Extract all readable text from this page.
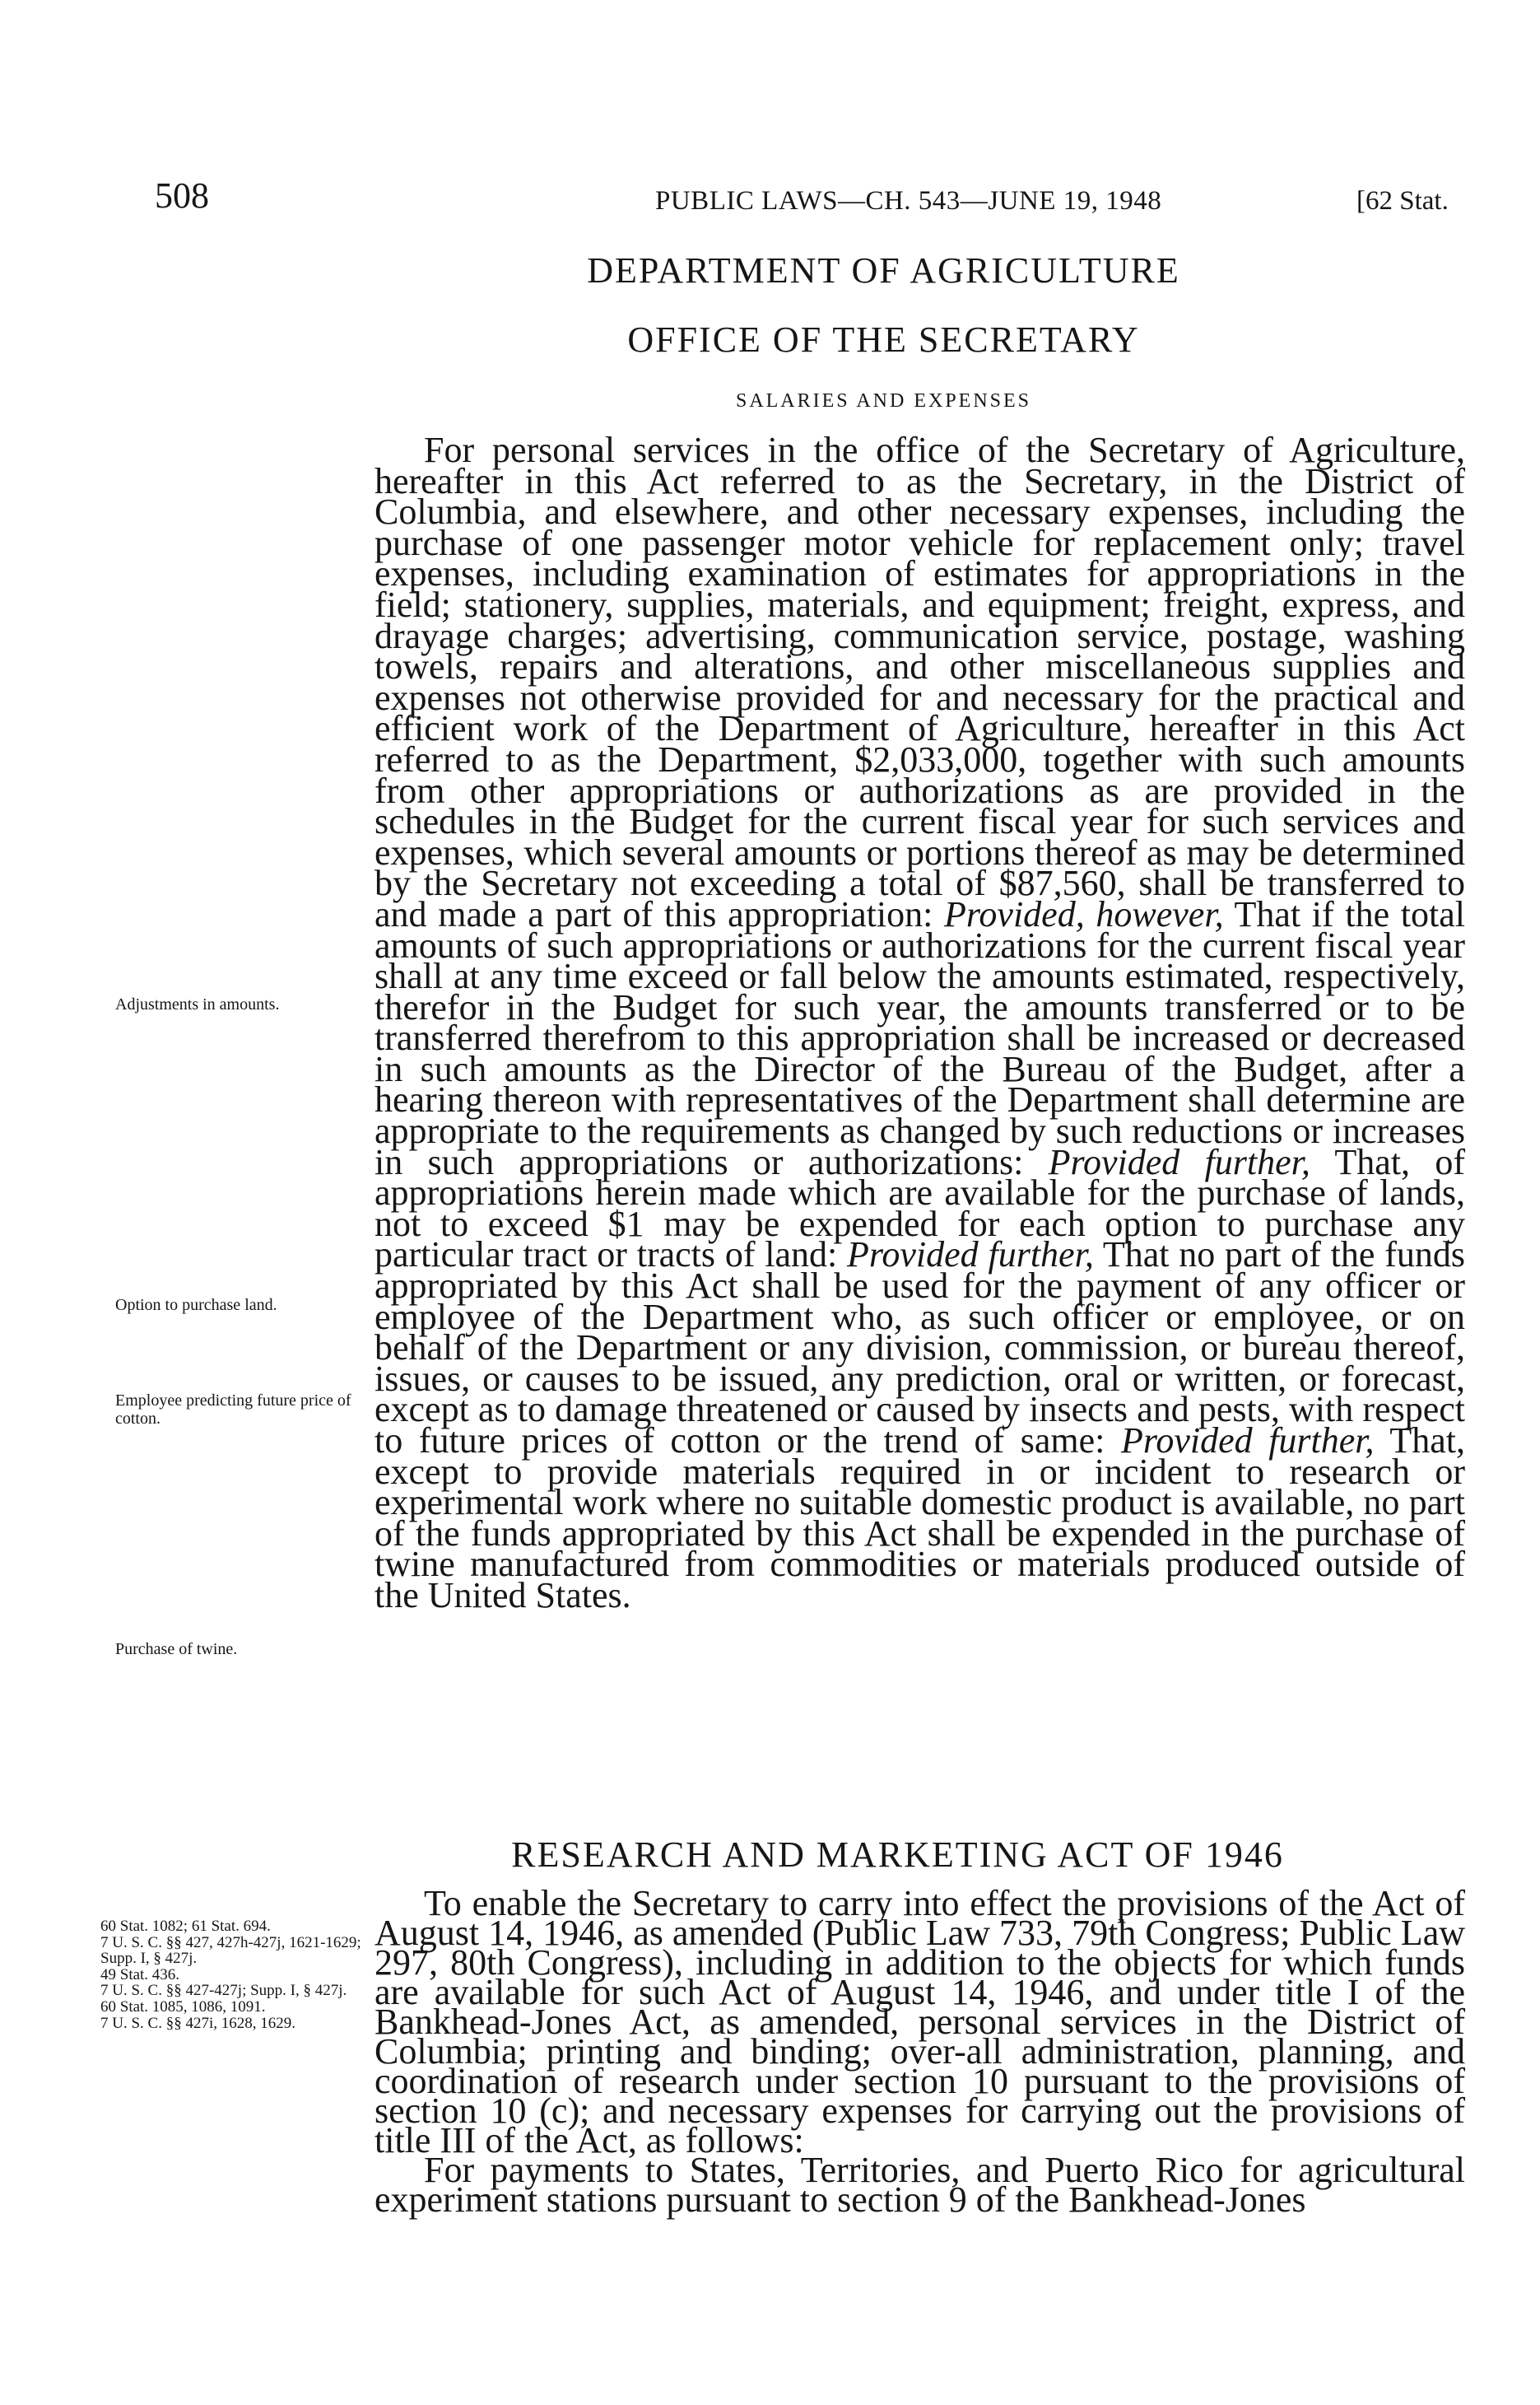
508	PUBLIC LAWS—CH. 543—JUNE 19, 1948	[62 Stat.
DEPARTMENT OF AGRICULTURE
OFFICE OF THE SECRETARY
SALARIES AND EXPENSES

For personal services in the office of the Secretary of Agriculture, hereafter in this Act referred to as the Secretary, in the District of Columbia, and elsewhere, and other necessary expenses, including the purchase of one passenger motor vehicle for replacement only; travel expenses, including examination of estimates for appropriations in the field; stationery, supplies, materials, and equipment; freight, express, and drayage charges; advertising, communication service, postage, washing towels, repairs and alterations, and other miscellaneous supplies and expenses not otherwise provided for and necessary for the practical and efficient work of the Department of Agriculture, hereafter in this Act referred to as the Department, $2,033,000, together with such amounts from other appropriations or authorizations as are provided in the schedules in the Budget for the current fiscal year for such services and expenses, which several amounts or portions thereof as may be determined by the Secretary not exceeding a total of $87,560, shall be transferred to and made a part of this appropriation: Provided, however, That if the total amounts of such appropriations or authorizations for the current fiscal year shall at any time exceed or fall below the amounts estimated, respectively, therefor in the Budget for such year, the amounts transferred or to be transferred therefrom to this appropriation shall be increased or decreased in such amounts as the Director of the Bureau of the Budget, after a hearing thereon with representatives of the Department shall determine are appropriate to the requirements as changed by such reductions or increases in such appropriations or authorizations: Provided further, That, of appropriations herein made which are available for the purchase of lands, not to exceed $1 may be expended for each option to purchase any particular tract or tracts of land: Provided further, That no part of the funds appropriated by this Act shall be used for the payment of any officer or employee of the Department who, as such officer or employee, or on behalf of the Department or any division, commission, or bureau thereof, issues, or causes to be issued, any prediction, oral or written, or forecast, except as to damage threatened or caused by insects and pests, with respect to future prices of cotton or the trend of same: Provided further, That, except to provide materials required in or incident to research or experimental work where no suitable domestic product is available, no part of the funds appropriated by this Act shall be expended in the purchase of twine manufactured from commodities or materials produced outside of the United States.

Adjustments in amounts.
Option to purchase land.
Employee predicting future price of cotton.
Purchase of twine.
RESEARCH AND MARKETING ACT OF 1946

To enable the Secretary to carry into effect the provisions of the Act of August 14, 1946, as amended (Public Law 733, 79th Congress; Public Law 297, 80th Congress), including in addition to the objects for which funds are available for such Act of August 14, 1946, and under title I of the Bankhead-Jones Act, as amended, personal services in the District of Columbia; printing and binding; over-all administration, planning, and coordination of research under section 10 pursuant to the provisions of section 10 (c); and necessary expenses for carrying out the provisions of title III of the Act, as follows:

For payments to States, Territories, and Puerto Rico for agricultural experiment stations pursuant to section 9 of the Bankhead-Jones

60 Stat. 1082; 61 Stat. 694.
7 U. S. C. §§ 427, 427h-427j, 1621-1629; Supp. I, § 427j.
49 Stat. 436.
7 U. S. C. §§ 427-427j; Supp. I, § 427j.
60 Stat. 1085, 1086, 1091.
7 U. S. C. §§ 427i, 1628, 1629.
